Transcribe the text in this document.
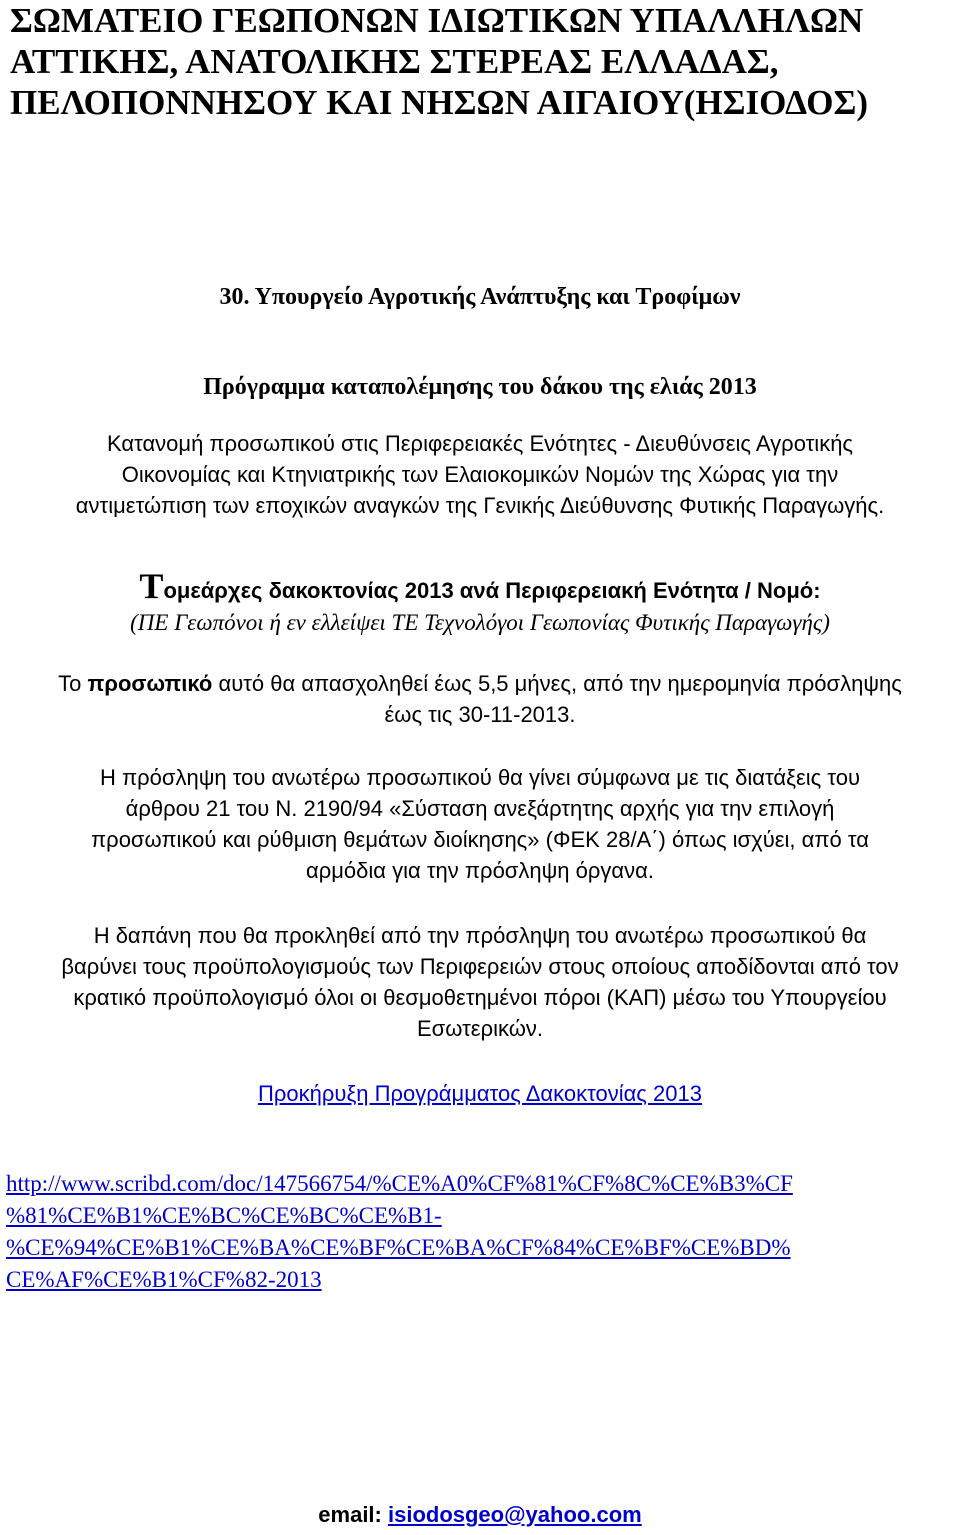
ΣΩΜΑΤΕΙΟ ΓΕΩΠΟΝΩΝ ΙΔΙΩΤΙΚΩΝ ΥΠΑΛΛΗΛΩΝ
ΑΤΤΙΚΗΣ, ΑΝΑΤΟΛΙΚΗΣ ΣΤΕΡΕΑΣ ΕΛΛΑΔΑΣ,
ΠΕΛΟΠΟΝΝΗΣΟΥ ΚΑΙ ΝΗΣΩΝ ΑΙΓΑΙΟΥ(ΗΣΙΟΔΟΣ)
30. Υπουργείο Αγροτικής Ανάπτυξης και Τροφίμων
Πρόγραμμα καταπολέμησης του δάκου της ελιάς 2013
Κατανομή προσωπικού στις Περιφερειακές Ενότητες - Διευθύνσεις Αγροτικής
Οικονομίας και Κτηνιατρικής των Ελαιοκομικών Νομών της Χώρας για την
αντιμετώπιση των εποχικών αναγκών της Γενικής Διεύθυνσης Φυτικής Παραγωγής.
Τομεάρχες δακοκτονίας 2013 ανά Περιφερειακή Ενότητα / Νομό:
(ΠΕ Γεωπόνοι ή εν ελλείψει ΤΕ Τεχνολόγοι Γεωπονίας Φυτικής Παραγωγής)
Το προσωπικό αυτό θα απασχοληθεί έως 5,5 μήνες, από την ημερομηνία πρόσληψης
έως τις 30-11-2013.
Η πρόσληψη του ανωτέρω προσωπικού θα γίνει σύμφωνα με τις διατάξεις του
άρθρου 21 του Ν. 2190/94 «Σύσταση ανεξάρτητης αρχής για την επιλογή
προσωπικού και ρύθμιση θεμάτων διοίκησης» (ΦΕΚ 28/Α΄) όπως ισχύει, από τα
αρμόδια για την πρόσληψη όργανα.
Η δαπάνη που θα προκληθεί από την πρόσληψη του ανωτέρω προσωπικού θα
βαρύνει τους προϋπολογισμούς των Περιφερειών στους οποίους αποδίδονται από τον
κρατικό προϋπολογισμό όλοι οι θεσμοθετημένοι πόροι (ΚΑΠ) μέσω του Υπουργείου
Εσωτερικών.
Προκήρυξη Προγράμματος Δακοκτονίας 2013
http://www.scribd.com/doc/147566754/%CE%A0%CF%81%CF%8C%CE%B3%CF
%81%CE%B1%CE%BC%CE%BC%CE%B1-
%CE%94%CE%B1%CE%BA%CE%BF%CE%BA%CF%84%CE%BF%CE%BD%
CE%AF%CE%B1%CF%82-2013
email: isiodosgeo@yahoo.com
